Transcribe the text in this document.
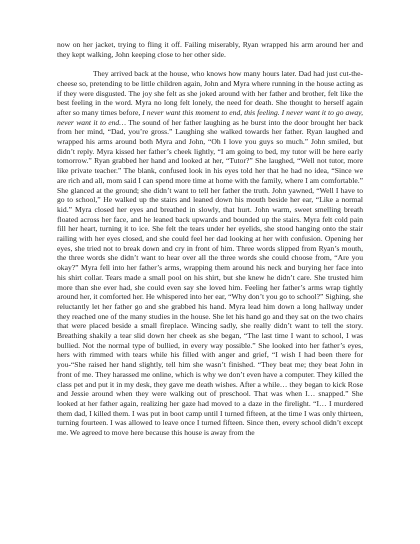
now on her jacket, trying to fling it off. Failing miserably, Ryan wrapped his arm around her and they kept walking, John keeping close to her other side.

They arrived back at the house, who knows how many hours later. Dad had just cut-the-cheese so, pretending to be little children again, John and Myra where running in the house acting as if they were disgusted. The joy she felt as she joked around with her father and brother, felt like the best feeling in the word. Myra no long felt lonely, the need for death. She thought to herself again after so many times before, I never want this moment to end, this feeling. I never want it to go away, never want it to end… The sound of her father laughing as he burst into the door brought her back from her mind, “Dad, you’re gross.” Laughing she walked towards her father. Ryan laughed and wrapped his arms around both Myra and John, “Oh I love you guys so much.” John smiled, but didn’t reply. Myra kissed her father’s cheek lightly, “I am going to bed, my tutor will be here early tomorrow.” Ryan grabbed her hand and looked at her, “Tutor?” She laughed, “Well not tutor, more like private teacher.” The blank, confused look in his eyes told her that he had no idea, “Since we are rich and all, mom said I can spend more time at home with the family, where I am comfortable.” She glanced at the ground; she didn’t want to tell her father the truth. John yawned, “Well I have to go to school,” He walked up the stairs and leaned down his mouth beside her ear, “Like a normal kid.” Myra closed her eyes and breathed in slowly, that hurt. John warm, sweet smelling breath floated across her face, and he leaned back upwards and bounded up the stairs. Myra felt cold pain fill her heart, turning it to ice. She felt the tears under her eyelids, she stood hanging onto the stair railing with her eyes closed, and she could feel her dad looking at her with confusion. Opening her eyes, she tried not to break down and cry in front of him. Three words slipped from Ryan’s mouth, the three words she didn’t want to hear over all the three words she could choose from, “Are you okay?” Myra fell into her father’s arms, wrapping them around his neck and burying her face into his shirt collar. Tears made a small pool on his shirt, but she knew he didn’t care. She trusted him more than she ever had, she could even say she loved him. Feeling her father’s arms wrap tightly around her, it comforted her. He whispered into her ear, “Why don’t you go to school?” Sighing, she reluctantly let her father go and she grabbed his hand. Myra lead him down a long hallway under they reached one of the many studies in the house. She let his hand go and they sat on the two chairs that were placed beside a small fireplace. Wincing sadly, she really didn’t want to tell the story. Breathing shakily a tear slid down her cheek as she began, “The last time I want to school, I was bullied. Not the normal type of bullied, in every way possible.” She looked into her father’s eyes, hers with rimmed with tears while his filled with anger and grief, “I wish I had been there for you-“She raised her hand slightly, tell him she wasn’t finished. “They beat me; they beat John in front of me. They harassed me online, which is why we don’t even have a computer. They killed the class pet and put it in my desk, they gave me death wishes. After a while… they began to kick Rose and Jessie around when they were walking out of preschool. That was when I… snapped.” She looked at her father again, realizing her gaze had moved to a daze in the firelight. “I… I murdered them dad, I killed them. I was put in boot camp until I turned fifteen, at the time I was only thirteen, turning fourteen. I was allowed to leave once I turned fifteen. Since then, every school didn’t except me. We agreed to move here because this house is away from the
